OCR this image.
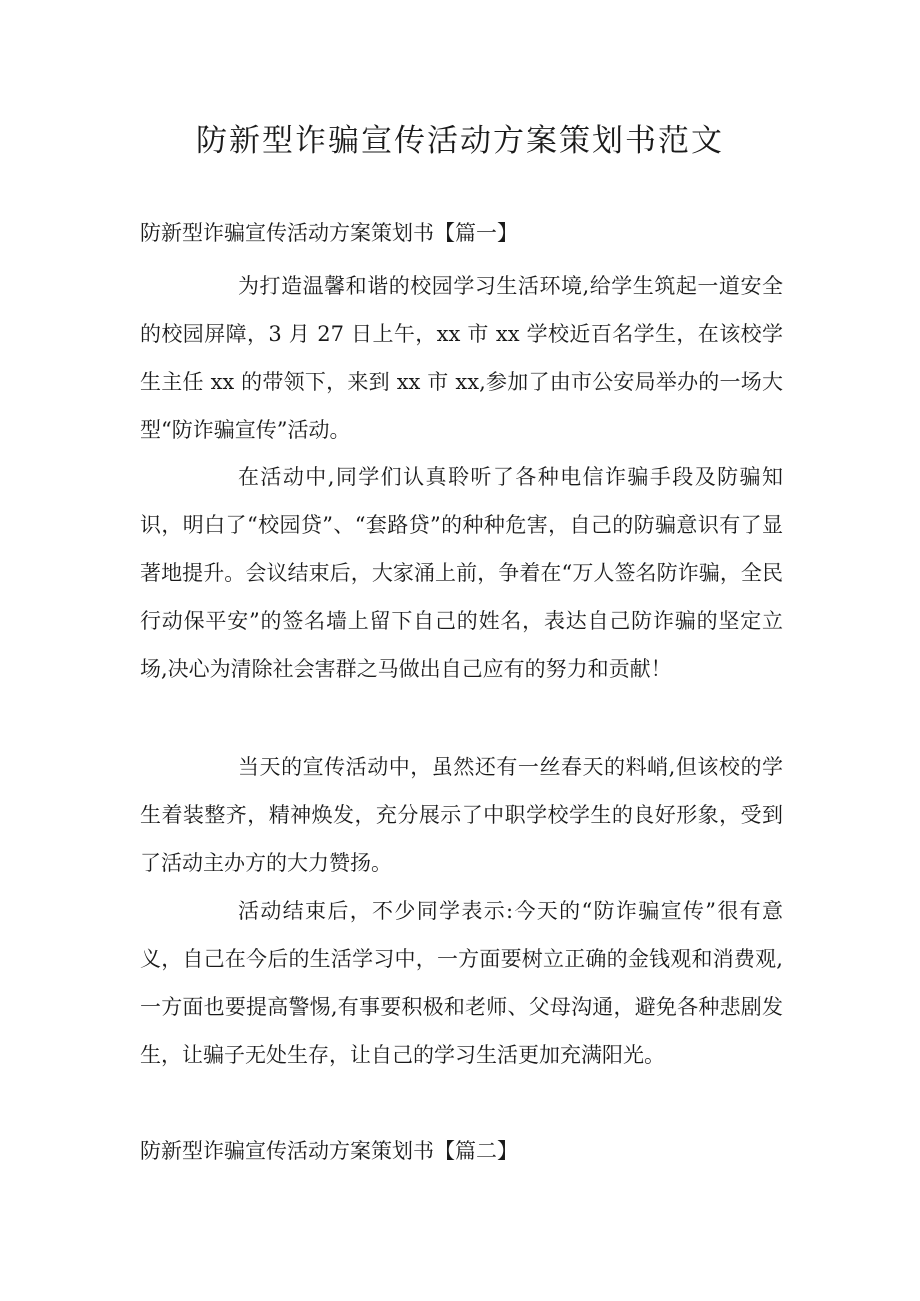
防新型诈骗宣传活动方案策划书范文
防新型诈骗宣传活动方案策划书【篇一】

为打造温馨和谐的校园学习生活环境,给学生筑起一道安全的校园屏障，3 月 27 日上午，xx 市 xx 学校近百名学生，在该校学生主任 xx 的带领下，来到 xx 市 xx,参加了由市公安局举办的一场大型“防诈骗宣传”活动。

在活动中,同学们认真聆听了各种电信诈骗手段及防骗知识，明白了“校园贷”、“套路贷”的种种危害，自己的防骗意识有了显著地提升。会议结束后，大家涌上前，争着在“万人签名防诈骗，全民行动保平安”的签名墙上留下自己的姓名，表达自己防诈骗的坚定立场,决心为清除社会害群之马做出自己应有的努力和贡献！

当天的宣传活动中，虽然还有一丝春天的料峭,但该校的学生着装整齐，精神焕发，充分展示了中职学校学生的良好形象，受到了活动主办方的大力赞扬。

活动结束后，不少同学表示:今天的“防诈骗宣传”很有意义，自己在今后的生活学习中，一方面要树立正确的金钱观和消费观,一方面也要提高警惕,有事要积极和老师、父母沟通，避免各种悲剧发生，让骗子无处生存，让自己的学习生活更加充满阳光。

防新型诈骗宣传活动方案策划书【篇二】
